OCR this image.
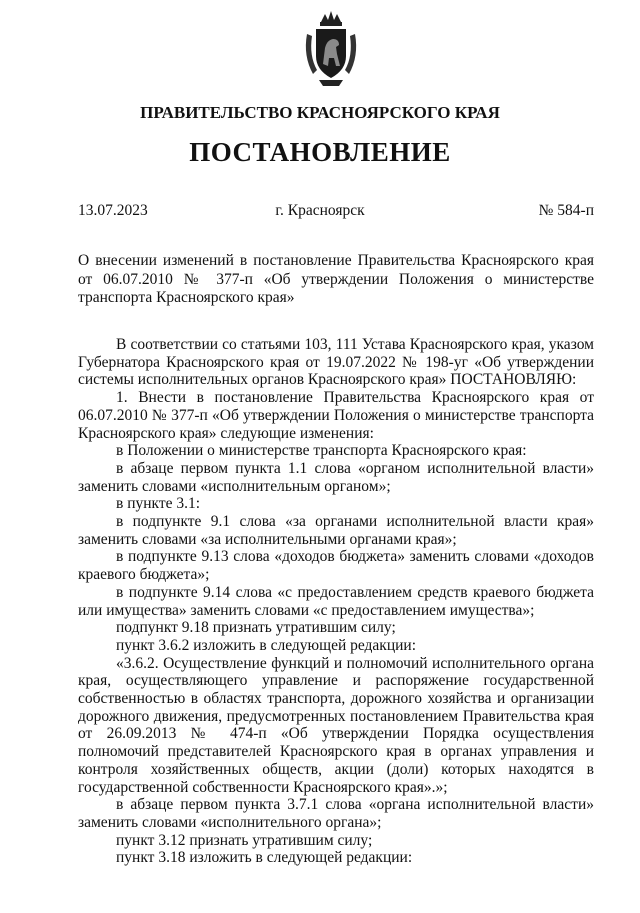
ПРАВИТЕЛЬСТВО КРАСНОЯРСКОГО КРАЯ
ПОСТАНОВЛЕНИЕ
13.07.2023	г. Красноярск	№ 584-п
О внесении изменений в постановление Правительства Красноярского края от 06.07.2010 № 377-п «Об утверждении Положения о министерстве транспорта Красноярского края»

В соответствии со статьями 103, 111 Устава Красноярского края, указом Губернатора Красноярского края от 19.07.2022 № 198-уг «Об утверждении системы исполнительных органов Красноярского края» ПОСТАНОВЛЯЮ:

1. Внести в постановление Правительства Красноярского края от 06.07.2010 № 377-п «Об утверждении Положения о министерстве транспорта Красноярского края» следующие изменения:

в Положении о министерстве транспорта Красноярского края:

в абзаце первом пункта 1.1 слова «органом исполнительной власти» заменить словами «исполнительным органом»;

в пункте 3.1:

в подпункте 9.1 слова «за органами исполнительной власти края» заменить словами «за исполнительными органами края»;

в подпункте 9.13 слова «доходов бюджета» заменить словами «доходов краевого бюджета»;

в подпункте 9.14 слова «с предоставлением средств краевого бюджета или имущества» заменить словами «с предоставлением имущества»;

подпункт 9.18 признать утратившим силу;

пункт 3.6.2 изложить в следующей редакции:

«3.6.2. Осуществление функций и полномочий исполнительного органа края, осуществляющего управление и распоряжение государственной собственностью в областях транспорта, дорожного хозяйства и организации дорожного движения, предусмотренных постановлением Правительства края от 26.09.2013 № 474-п «Об утверждении Порядка осуществления полномочий представителей Красноярского края в органах управления и контроля хозяйственных обществ, акции (доли) которых находятся в государственной собственности Красноярского края».»;

в абзаце первом пункта 3.7.1 слова «органа исполнительной власти» заменить словами «исполнительного органа»;

пункт 3.12 признать утратившим силу;

пункт 3.18 изложить в следующей редакции:
